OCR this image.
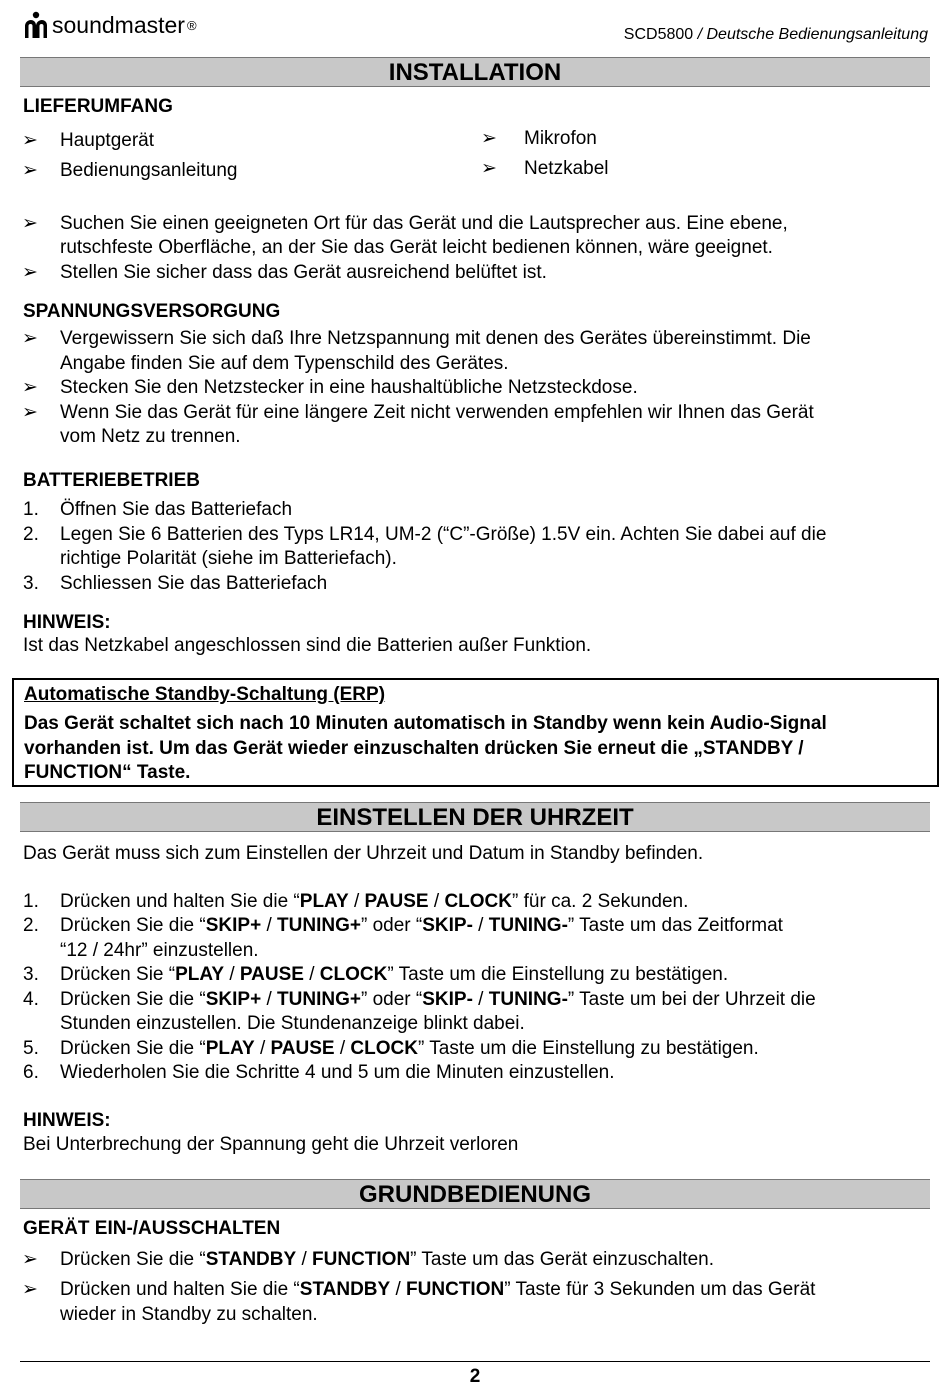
soundmaster ®
SCD5800 / Deutsche Bedienungsanleitung
INSTALLATION
LIEFERUMFANG
➢ Hauptgerät
➢ Bedienungsanleitung
➢ Mikrofon
➢ Netzkabel
➢ Suchen Sie einen geeigneten Ort für das Gerät und die Lautsprecher aus. Eine ebene,
rutschfeste Oberfläche, an der Sie das Gerät leicht bedienen können, wäre geeignet.
➢ Stellen Sie sicher dass das Gerät ausreichend belüftet ist.
SPANNUNGSVERSORGUNG
➢ Vergewissern Sie sich daß Ihre Netzspannung mit denen des Gerätes übereinstimmt. Die
Angabe finden Sie auf dem Typenschild des Gerätes.
➢ Stecken Sie den Netzstecker in eine haushaltübliche Netzsteckdose.
➢ Wenn Sie das Gerät für eine längere Zeit nicht verwenden empfehlen wir Ihnen das Gerät
vom Netz zu trennen.
BATTERIEBETRIEB
1. Öffnen Sie das Batteriefach
2. Legen Sie 6 Batterien des Typs LR14, UM-2 (“C”-Größe) 1.5V ein. Achten Sie dabei auf die
richtige Polarität (siehe im Batteriefach).
3. Schliessen Sie das Batteriefach
HINWEIS:
Ist das Netzkabel angeschlossen sind die Batterien außer Funktion.
Automatische Standby-Schaltung (ERP)
Das Gerät schaltet sich nach 10 Minuten automatisch in Standby wenn kein Audio-Signal
vorhanden ist. Um das Gerät wieder einzuschalten drücken Sie erneut die „STANDBY /
FUNCTION“ Taste.
EINSTELLEN DER UHRZEIT
Das Gerät muss sich zum Einstellen der Uhrzeit und Datum in Standby befinden.
1. Drücken und halten Sie die “PLAY / PAUSE / CLOCK” für ca. 2 Sekunden.
2. Drücken Sie die “SKIP+ / TUNING+” oder “SKIP- / TUNING-” Taste um das Zeitformat
“12 / 24hr” einzustellen.
3. Drücken Sie “PLAY / PAUSE / CLOCK” Taste um die Einstellung zu bestätigen.
4. Drücken Sie die “SKIP+ / TUNING+” oder “SKIP- / TUNING-” Taste um bei der Uhrzeit die
Stunden einzustellen. Die Stundenanzeige blinkt dabei.
5. Drücken Sie die “PLAY / PAUSE / CLOCK” Taste um die Einstellung zu bestätigen.
6. Wiederholen Sie die Schritte 4 und 5 um die Minuten einzustellen.
HINWEIS:
Bei Unterbrechung der Spannung geht die Uhrzeit verloren
GRUNDBEDIENUNG
GERÄT EIN-/AUSSCHALTEN
➢ Drücken Sie die “STANDBY / FUNCTION” Taste um das Gerät einzuschalten.
➢ Drücken und halten Sie die “STANDBY / FUNCTION” Taste für 3 Sekunden um das Gerät
wieder in Standby zu schalten.
2
